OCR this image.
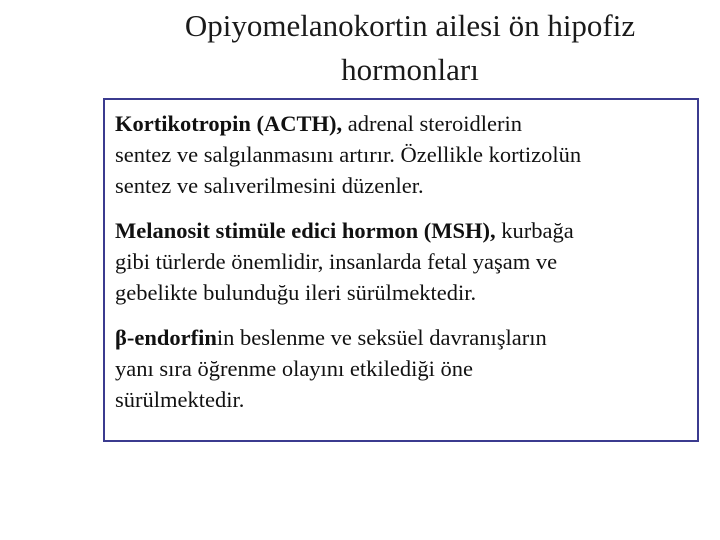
Opiyomelanokortin ailesi ön hipofiz
hormonları

Kortikotropin (ACTH), adrenal steroidlerin
sentez ve salgılanmasını artırır. Özellikle kortizolün
sentez ve salıverilmesini düzenler.

Melanosit stimüle edici hormon (MSH), kurbağa
gibi türlerde önemlidir, insanlarda fetal yaşam ve
gebelikte bulunduğu ileri sürülmektedir.

β-endorfinin beslenme ve seksüel davranışların
yanı sıra öğrenme olayını etkilediği öne
sürülmektedir.
